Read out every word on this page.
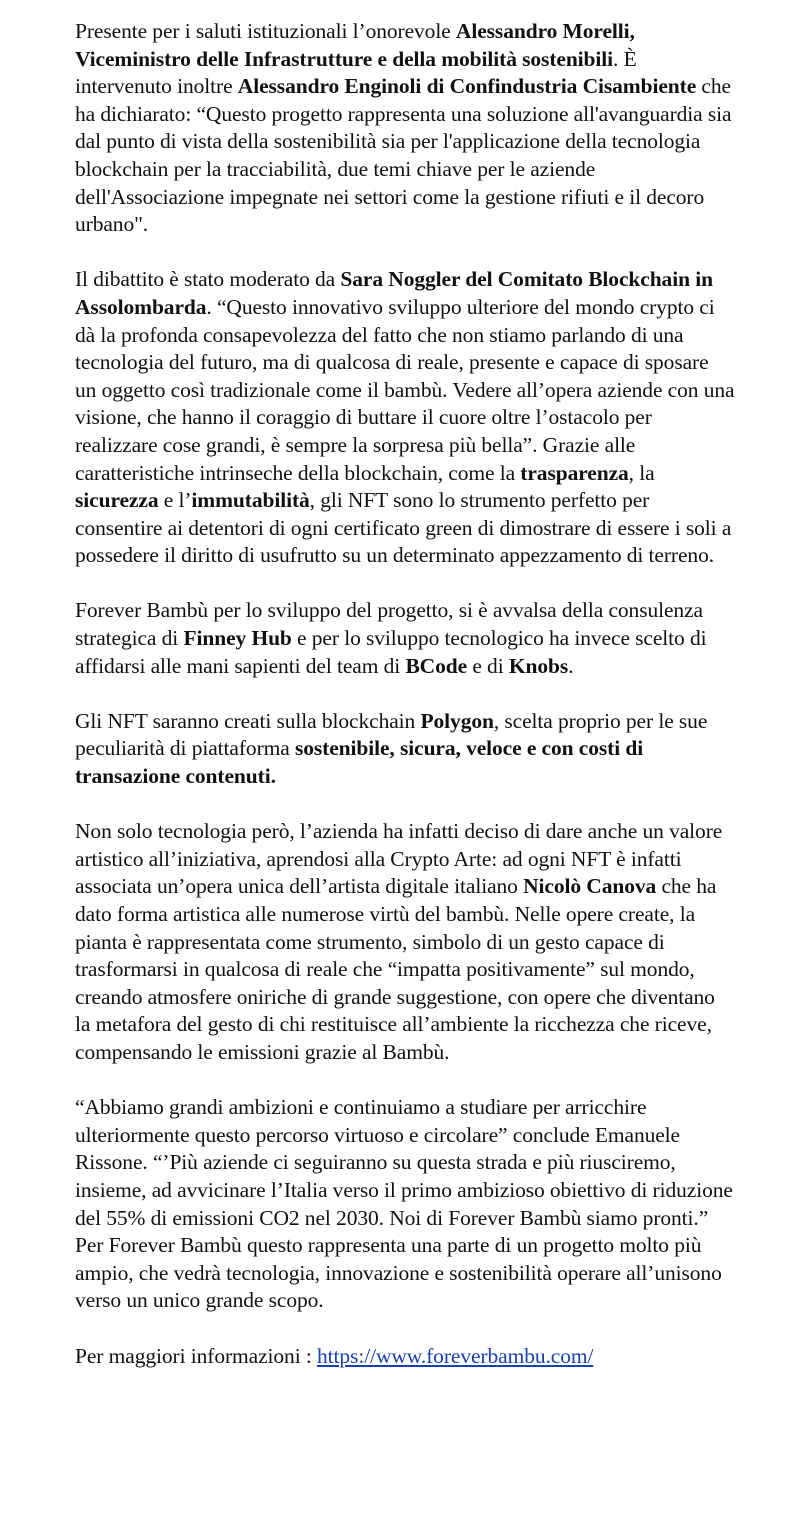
Presente per i saluti istituzionali l’onorevole Alessandro Morelli, Viceministro delle Infrastrutture e della mobilità sostenibili. È intervenuto inoltre Alessandro Enginoli di Confindustria Cisambiente che ha dichiarato: “Questo progetto rappresenta una soluzione all'avanguardia sia dal punto di vista della sostenibilità sia per l'applicazione della tecnologia blockchain per la tracciabilità, due temi chiave per le aziende dell'Associazione impegnate nei settori come la gestione rifiuti e il decoro urbano".

Il dibattito è stato moderato da Sara Noggler del Comitato Blockchain in Assolombarda. “Questo innovativo sviluppo ulteriore del mondo crypto ci dà la profonda consapevolezza del fatto che non stiamo parlando di una tecnologia del futuro, ma di qualcosa di reale, presente e capace di sposare un oggetto così tradizionale come il bambù. Vedere all’opera aziende con una visione, che hanno il coraggio di buttare il cuore oltre l’ostacolo per realizzare cose grandi, è sempre la sorpresa più bella”. Grazie alle caratteristiche intrinseche della blockchain, come la trasparenza, la sicurezza e l’immutabilità, gli NFT sono lo strumento perfetto per consentire ai detentori di ogni certificato green di dimostrare di essere i soli a possedere il diritto di usufrutto su un determinato appezzamento di terreno.

Forever Bambù per lo sviluppo del progetto, si è avvalsa della consulenza strategica di Finney Hub e per lo sviluppo tecnologico ha invece scelto di affidarsi alle mani sapienti del team di BCode e di Knobs.

Gli NFT saranno creati sulla blockchain Polygon, scelta proprio per le sue peculiarità di piattaforma sostenibile, sicura, veloce e con costi di transazione contenuti.

Non solo tecnologia però, l’azienda ha infatti deciso di dare anche un valore artistico all’iniziativa, aprendosi alla Crypto Arte: ad ogni NFT è infatti associata un’opera unica dell’artista digitale italiano Nicolò Canova che ha dato forma artistica alle numerose virtù del bambù. Nelle opere create, la pianta è rappresentata come strumento, simbolo di un gesto capace di trasformarsi in qualcosa di reale che “impatta positivamente” sul mondo, creando atmosfere oniriche di grande suggestione, con opere che diventano la metafora del gesto di chi restituisce all’ambiente la ricchezza che riceve, compensando le emissioni grazie al Bambù.

“Abbiamo grandi ambizioni e continuiamo a studiare per arricchire ulteriormente questo percorso virtuoso e circolare” conclude Emanuele Rissone. “’Più aziende ci seguiranno su questa strada e più riusciremo, insieme, ad avvicinare l’Italia verso il primo ambizioso obiettivo di riduzione del 55% di emissioni CO2 nel 2030. Noi di Forever Bambù siamo pronti.” Per Forever Bambù questo rappresenta una parte di un progetto molto più ampio, che vedrà tecnologia, innovazione e sostenibilità operare all’unisono verso un unico grande scopo.

Per maggiori informazioni : https://www.foreverbambu.com/
